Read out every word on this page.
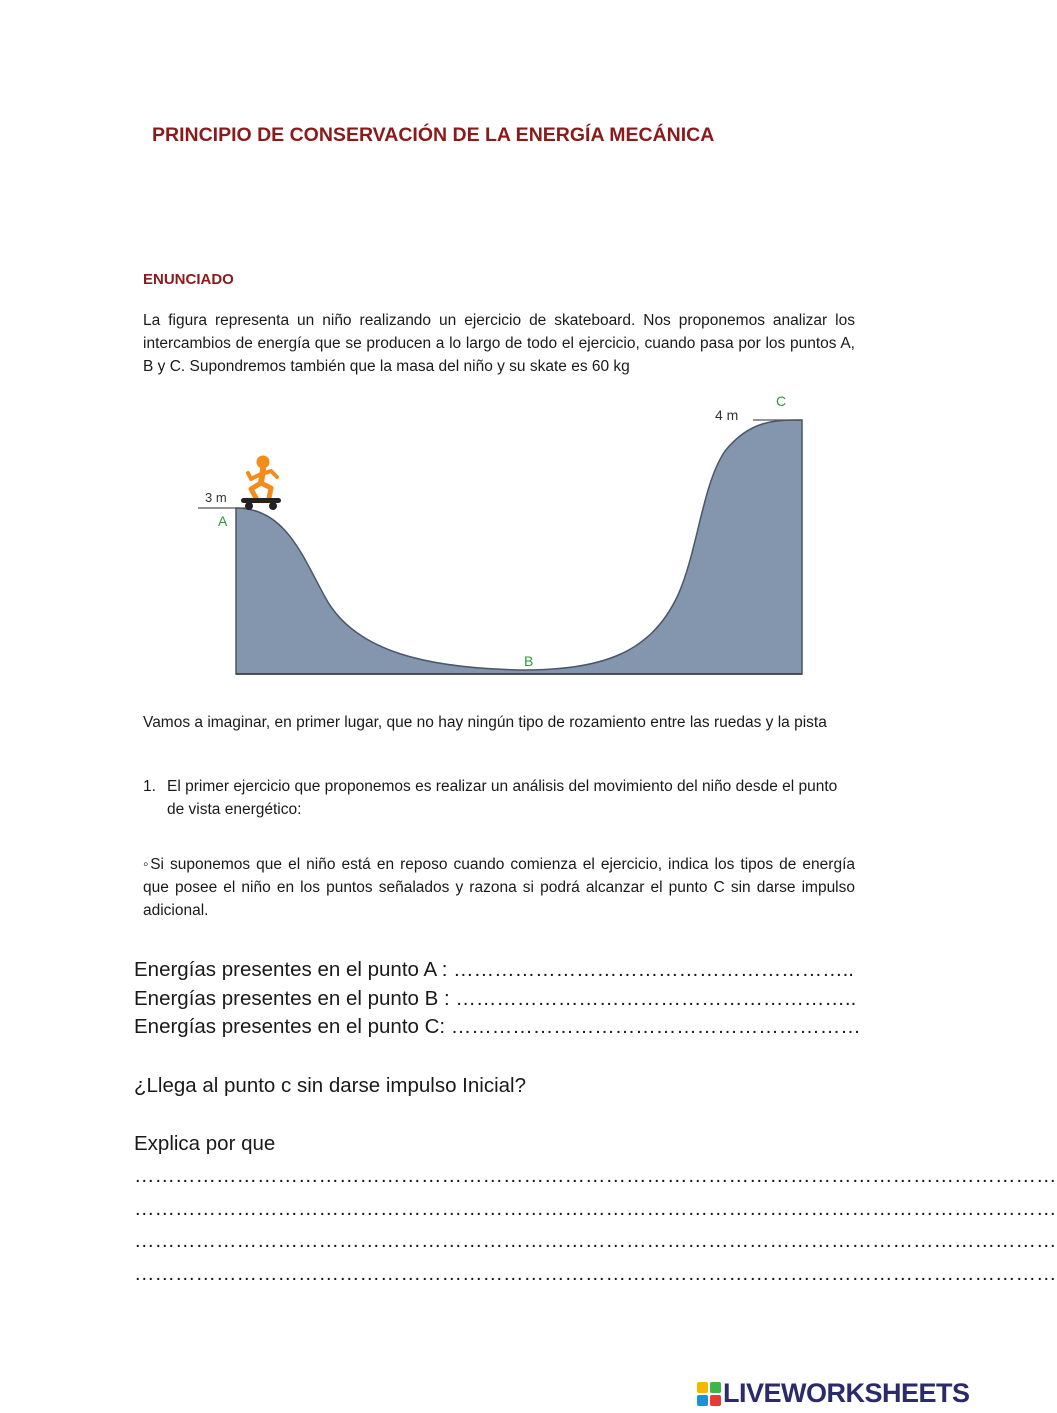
PRINCIPIO DE CONSERVACIÓN DE LA ENERGÍA MECÁNICA
ENUNCIADO
La figura representa un niño realizando un ejercicio de skateboard. Nos proponemos analizar los intercambios de energía que se producen a lo largo de todo el ejercicio, cuando pasa por los puntos A, B y C. Supondremos también que la masa del niño y su skate es 60 kg
3 m
A
B
4 m
C
Vamos a imaginar, en primer lugar, que no hay ningún tipo de rozamiento entre las ruedas y la pista
1. El primer ejercicio que proponemos es realizar un análisis del movimiento del niño desde el punto de vista energético:
◦Si suponemos que el niño está en reposo cuando comienza el ejercicio, indica los tipos de energía que posee el niño en los puntos señalados y razona si podrá alcanzar el punto C sin darse impulso adicional.
Energías presentes en el punto A : …………………………………………………..
Energías presentes en el punto B : …………………………………………………..
Energías presentes en el punto C: ……………………………………………………
¿Llega al punto c sin darse impulso Inicial?
Explica por que
………………………………………………………………………………………………………………………
………………………………………………………………………………………………………………………
………………………………………………………………………………………………………………………
………………………………………………………………………………………………………………………
LIVEWORKSHEETS
